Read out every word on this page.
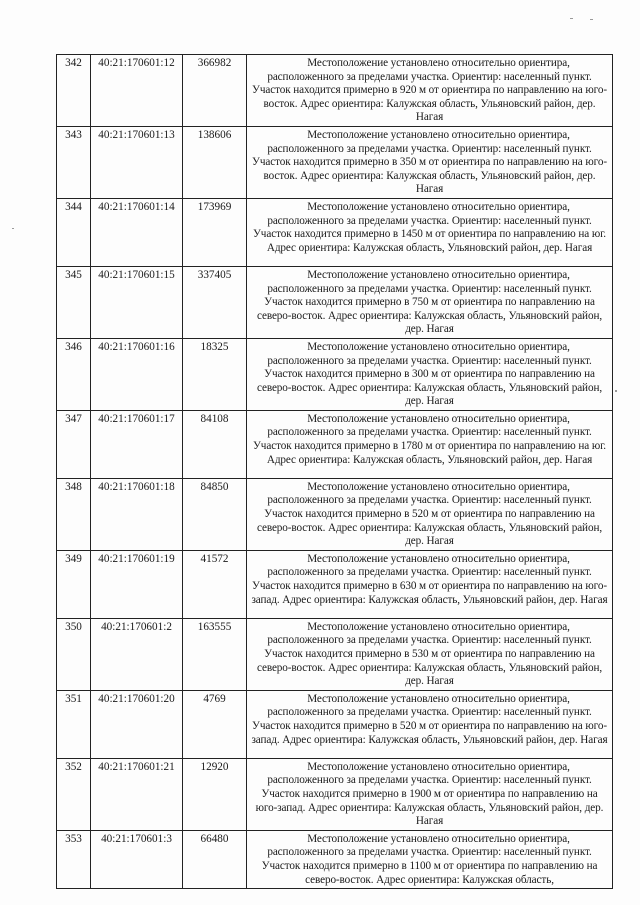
342	40:21:170601:12	366982	Местоположение установлено относительно ориентира, расположенного за пределами участка. Ориентир: населенный пункт. Участок находится примерно в 920 м от ориентира по направлению на юго-восток. Адрес ориентира: Калужская область, Ульяновский район, дер. Нагая
343	40:21:170601:13	138606	Местоположение установлено относительно ориентира, расположенного за пределами участка. Ориентир: населенный пункт. Участок находится примерно в 350 м от ориентира по направлению на юго-восток. Адрес ориентира: Калужская область, Ульяновский район, дер. Нагая
344	40:21:170601:14	173969	Местоположение установлено относительно ориентира, расположенного за пределами участка. Ориентир: населенный пункт. Участок находится примерно в 1450 м от ориентира по направлению на юг. Адрес ориентира: Калужская область, Ульяновский район, дер. Нагая
345	40:21:170601:15	337405	Местоположение установлено относительно ориентира, расположенного за пределами участка. Ориентир: населенный пункт. Участок находится примерно в 750 м от ориентира по направлению на северо-восток. Адрес ориентира: Калужская область, Ульяновский район, дер. Нагая
346	40:21:170601:16	18325	Местоположение установлено относительно ориентира, расположенного за пределами участка. Ориентир: населенный пункт. Участок находится примерно в 300 м от ориентира по направлению на северо-восток. Адрес ориентира: Калужская область, Ульяновский район, дер. Нагая
347	40:21:170601:17	84108	Местоположение установлено относительно ориентира, расположенного за пределами участка. Ориентир: населенный пункт. Участок находится примерно в 1780 м от ориентира по направлению на юг. Адрес ориентира: Калужская область, Ульяновский район, дер. Нагая
348	40:21:170601:18	84850	Местоположение установлено относительно ориентира, расположенного за пределами участка. Ориентир: населенный пункт. Участок находится примерно в 520 м от ориентира по направлению на северо-восток. Адрес ориентира: Калужская область, Ульяновский район, дер. Нагая
349	40:21:170601:19	41572	Местоположение установлено относительно ориентира, расположенного за пределами участка. Ориентир: населенный пункт. Участок находится примерно в 630 м от ориентира по направлению на юго-запад. Адрес ориентира: Калужская область, Ульяновский район, дер. Нагая
350	40:21:170601:2	163555	Местоположение установлено относительно ориентира, расположенного за пределами участка. Ориентир: населенный пункт. Участок находится примерно в 530 м от ориентира по направлению на северо-восток. Адрес ориентира: Калужская область, Ульяновский район, дер. Нагая
351	40:21:170601:20	4769	Местоположение установлено относительно ориентира, расположенного за пределами участка. Ориентир: населенный пункт. Участок находится примерно в 520 м от ориентира по направлению на юго-запад. Адрес ориентира: Калужская область, Ульяновский район, дер. Нагая
352	40:21:170601:21	12920	Местоположение установлено относительно ориентира, расположенного за пределами участка. Ориентир: населенный пункт. Участок находится примерно в 1900 м от ориентира по направлению на юго-запад. Адрес ориентира: Калужская область, Ульяновский район, дер. Нагая
353	40:21:170601:3	66480	Местоположение установлено относительно ориентира, расположенного за пределами участка. Ориентир: населенный пункт. Участок находится примерно в 1100 м от ориентира по направлению на северо-восток. Адрес ориентира: Калужская область,
